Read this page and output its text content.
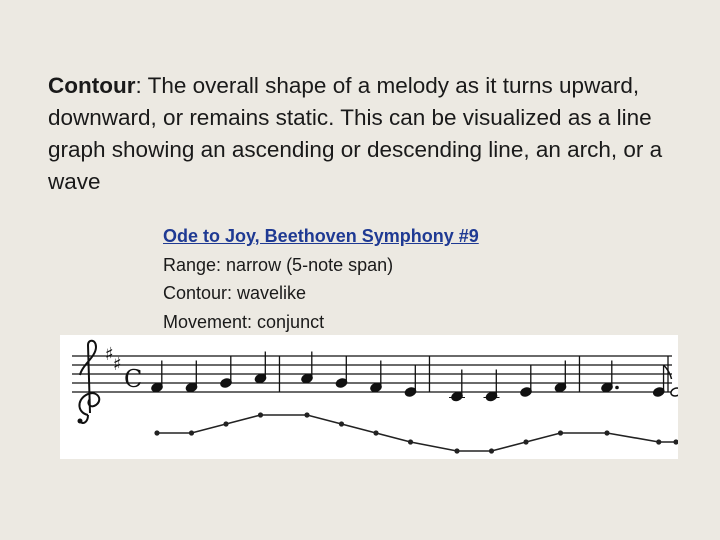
Contour: The overall shape of a melody as it turns upward, downward, or remains static. This can be visualized as a line graph showing an ascending or descending line, an arch, or a wave
Ode to Joy, Beethoven Symphony #9
Range: narrow (5-note span)
Contour: wavelike
Movement: conjunct
♯ ♯
C
